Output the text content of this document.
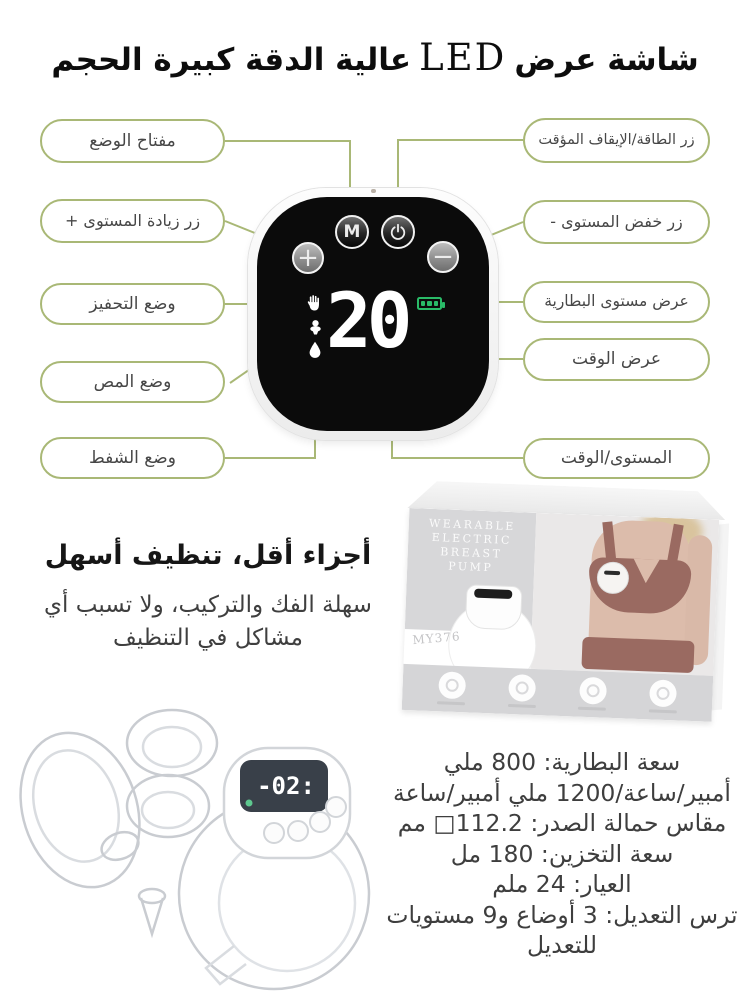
شاشة عرضLEDعالية الدقة كبيرة الحجم
مفتاح الوضع
زر زيادة المستوى +
وضع التحفيز
وضع المص
وضع الشفط
زر الطاقة/الإيقاف المؤقت
زر خفض المستوى -
عرض مستوى البطارية
عرض الوقت
المستوى/الوقت
M
+	−
20
أجزاء أقل، تنظيف أسهل
سهلة الفك والتركيب، ولا تسبب أي
مشاكل في التنظيف
WEARABLE
ELECTRIC
BREAST
PUMP
MY376
-02:
سعة البطارية: 800 ملي
أمبير/ساعة/1200 ملي أمبير/ساعة
مقاس حمالة الصدر: 112.2□ مم
سعة التخزين: 180 مل
العيار: 24 ملم
ترس التعديل: 3 أوضاع و9 مستويات
للتعديل
